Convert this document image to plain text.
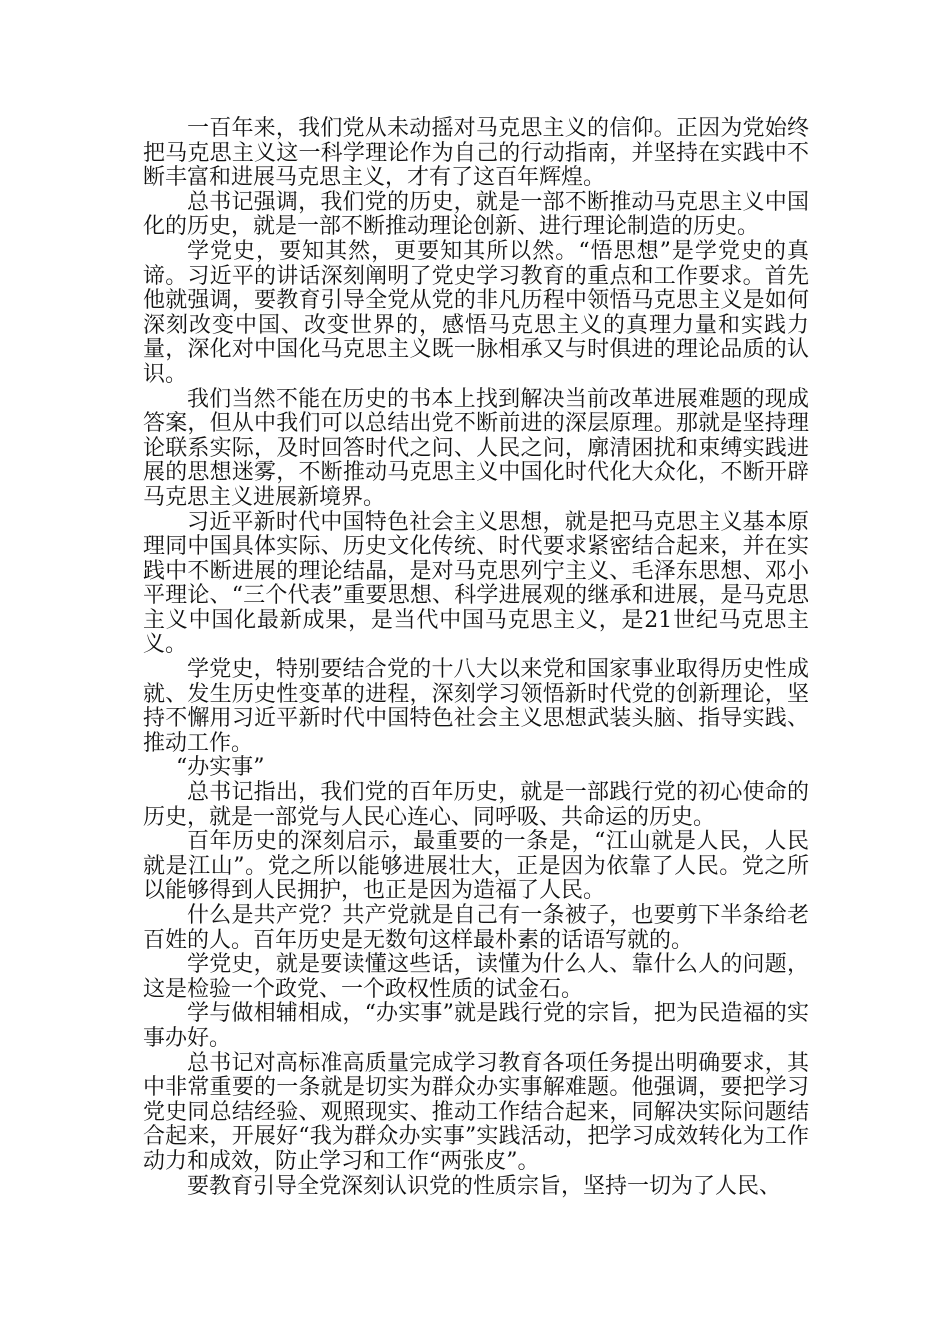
一百年来，我们党从未动摇对马克思主义的信仰。正因为党始终把马克思主义这一科学理论作为自己的行动指南，并坚持在实践中不断丰富和进展马克思主义，才有了这百年辉煌。

总书记强调，我们党的历史，就是一部不断推动马克思主义中国化的历史，就是一部不断推动理论创新、进行理论制造的历史。

学党史，要知其然，更要知其所以然。“悟思想”是学党史的真谛。习近平的讲话深刻阐明了党史学习教育的重点和工作要求。首先他就强调，要教育引导全党从党的非凡历程中领悟马克思主义是如何深刻改变中国、改变世界的，感悟马克思主义的真理力量和实践力量，深化对中国化马克思主义既一脉相承又与时俱进的理论品质的认识。

我们当然不能在历史的书本上找到解决当前改革进展难题的现成答案，但从中我们可以总结出党不断前进的深层原理。那就是坚持理论联系实际，及时回答时代之问、人民之问，廓清困扰和束缚实践进展的思想迷雾，不断推动马克思主义中国化时代化大众化，不断开辟马克思主义进展新境界。

习近平新时代中国特色社会主义思想，就是把马克思主义基本原理同中国具体实际、历史文化传统、时代要求紧密结合起来，并在实践中不断进展的理论结晶，是对马克思列宁主义、毛泽东思想、邓小平理论、“三个代表”重要思想、科学进展观的继承和进展，是马克思主义中国化最新成果，是当代中国马克思主义，是21世纪马克思主义。

学党史，特别要结合党的十八大以来党和国家事业取得历史性成就、发生历史性变革的进程，深刻学习领悟新时代党的创新理论，坚持不懈用习近平新时代中国特色社会主义思想武装头脑、指导实践、推动工作。

“办实事”

总书记指出，我们党的百年历史，就是一部践行党的初心使命的历史，就是一部党与人民心连心、同呼吸、共命运的历史。

百年历史的深刻启示，最重要的一条是，“江山就是人民，人民就是江山”。党之所以能够进展壮大，正是因为依靠了人民。党之所以能够得到人民拥护，也正是因为造福了人民。

什么是共产党？共产党就是自己有一条被子，也要剪下半条给老百姓的人。百年历史是无数句这样最朴素的话语写就的。

学党史，就是要读懂这些话，读懂为什么人、靠什么人的问题，这是检验一个政党、一个政权性质的试金石。

学与做相辅相成，“办实事”就是践行党的宗旨，把为民造福的实事办好。

总书记对高标准高质量完成学习教育各项任务提出明确要求，其中非常重要的一条就是切实为群众办实事解难题。他强调，要把学习党史同总结经验、观照现实、推动工作结合起来，同解决实际问题结合起来，开展好“我为群众办实事”实践活动，把学习成效转化为工作动力和成效，防止学习和工作“两张皮”。

要教育引导全党深刻认识党的性质宗旨，坚持一切为了人民、
